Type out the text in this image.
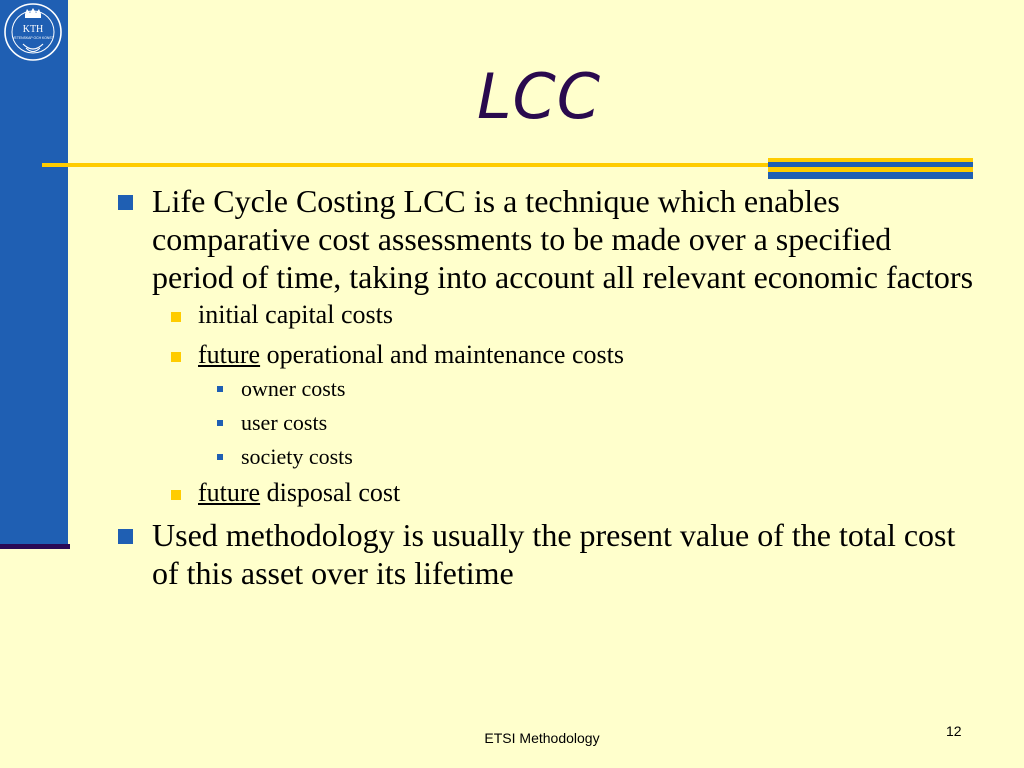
KTH
VETENSKAP OCH KONST
LCC
Life Cycle Costing LCC is a technique which enables comparative cost assessments to be made over a specified period of time, taking into account all relevant economic factors
initial capital costs
future operational and maintenance costs
owner costs
user costs
society costs
future disposal cost
Used methodology is usually the present value of the total cost of this asset over its lifetime
ETSI Methodology	12
